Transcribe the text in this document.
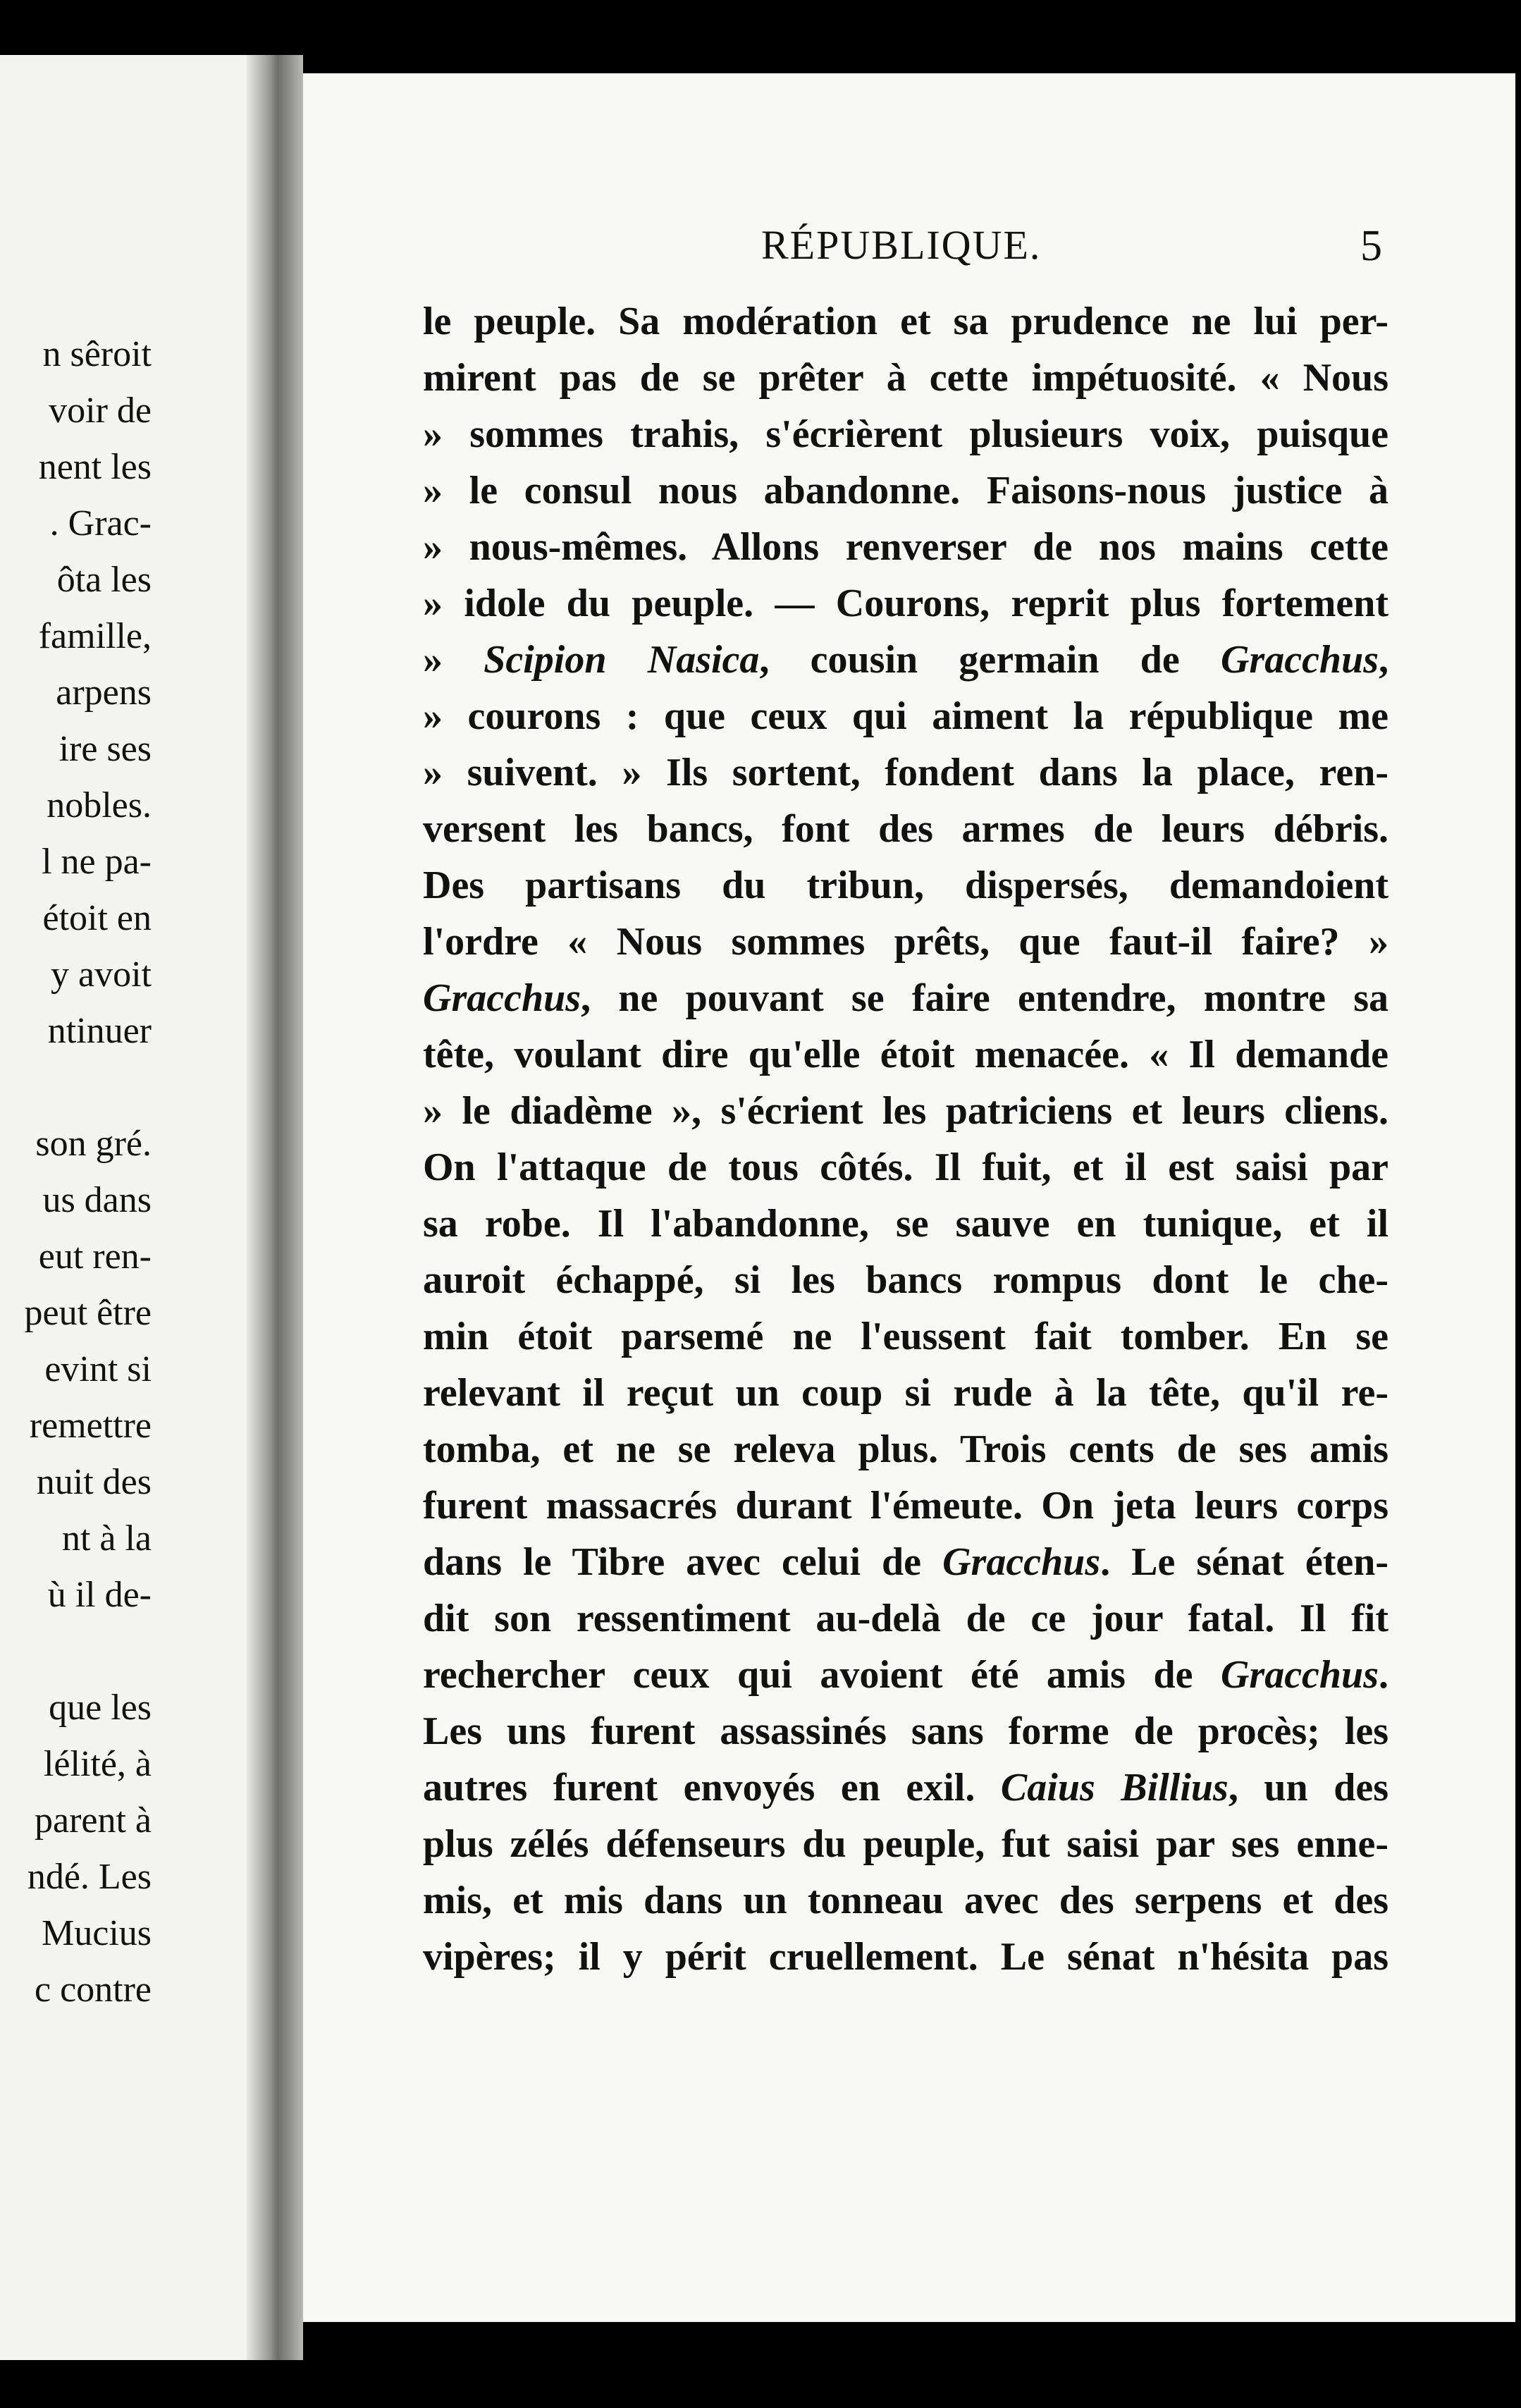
n sêroit
voir de
nent les
. Grac-
ôta les
famille,
arpens
ire ses
nobles.
l ne pa-
étoit en
y avoit
ntinuer
son gré.
us dans
eut ren-
peut être
evint si
remettre
nuit des
nt à la
ù il de-
que les
lélité, à
parent à
ndé. Les
Mucius
c contre
RÉPUBLIQUE.	5
le peuple. Sa modération et sa prudence ne lui per-
mirent pas de se prêter à cette impétuosité. « Nous
» sommes trahis, s'écrièrent plusieurs voix, puisque
» le consul nous abandonne. Faisons-nous justice à
» nous-mêmes. Allons renverser de nos mains cette
» idole du peuple. — Courons, reprit plus fortement
» Scipion Nasica, cousin germain de Gracchus,
» courons : que ceux qui aiment la république me
» suivent. » Ils sortent, fondent dans la place, ren-
versent les bancs, font des armes de leurs débris.
Des partisans du tribun, dispersés, demandoient
l'ordre « Nous sommes prêts, que faut-il faire? »
Gracchus, ne pouvant se faire entendre, montre sa
tête, voulant dire qu'elle étoit menacée. « Il demande
» le diadème », s'écrient les patriciens et leurs cliens.
On l'attaque de tous côtés. Il fuit, et il est saisi par
sa robe. Il l'abandonne, se sauve en tunique, et il
auroit échappé, si les bancs rompus dont le che-
min étoit parsemé ne l'eussent fait tomber. En se
relevant il reçut un coup si rude à la tête, qu'il re-
tomba, et ne se releva plus. Trois cents de ses amis
furent massacrés durant l'émeute. On jeta leurs corps
dans le Tibre avec celui de Gracchus. Le sénat éten-
dit son ressentiment au-delà de ce jour fatal. Il fit
rechercher ceux qui avoient été amis de Gracchus.
Les uns furent assassinés sans forme de procès; les
autres furent envoyés en exil. Caius Billius, un des
plus zélés défenseurs du peuple, fut saisi par ses enne-
mis, et mis dans un tonneau avec des serpens et des
vipères; il y périt cruellement. Le sénat n'hésita pas
